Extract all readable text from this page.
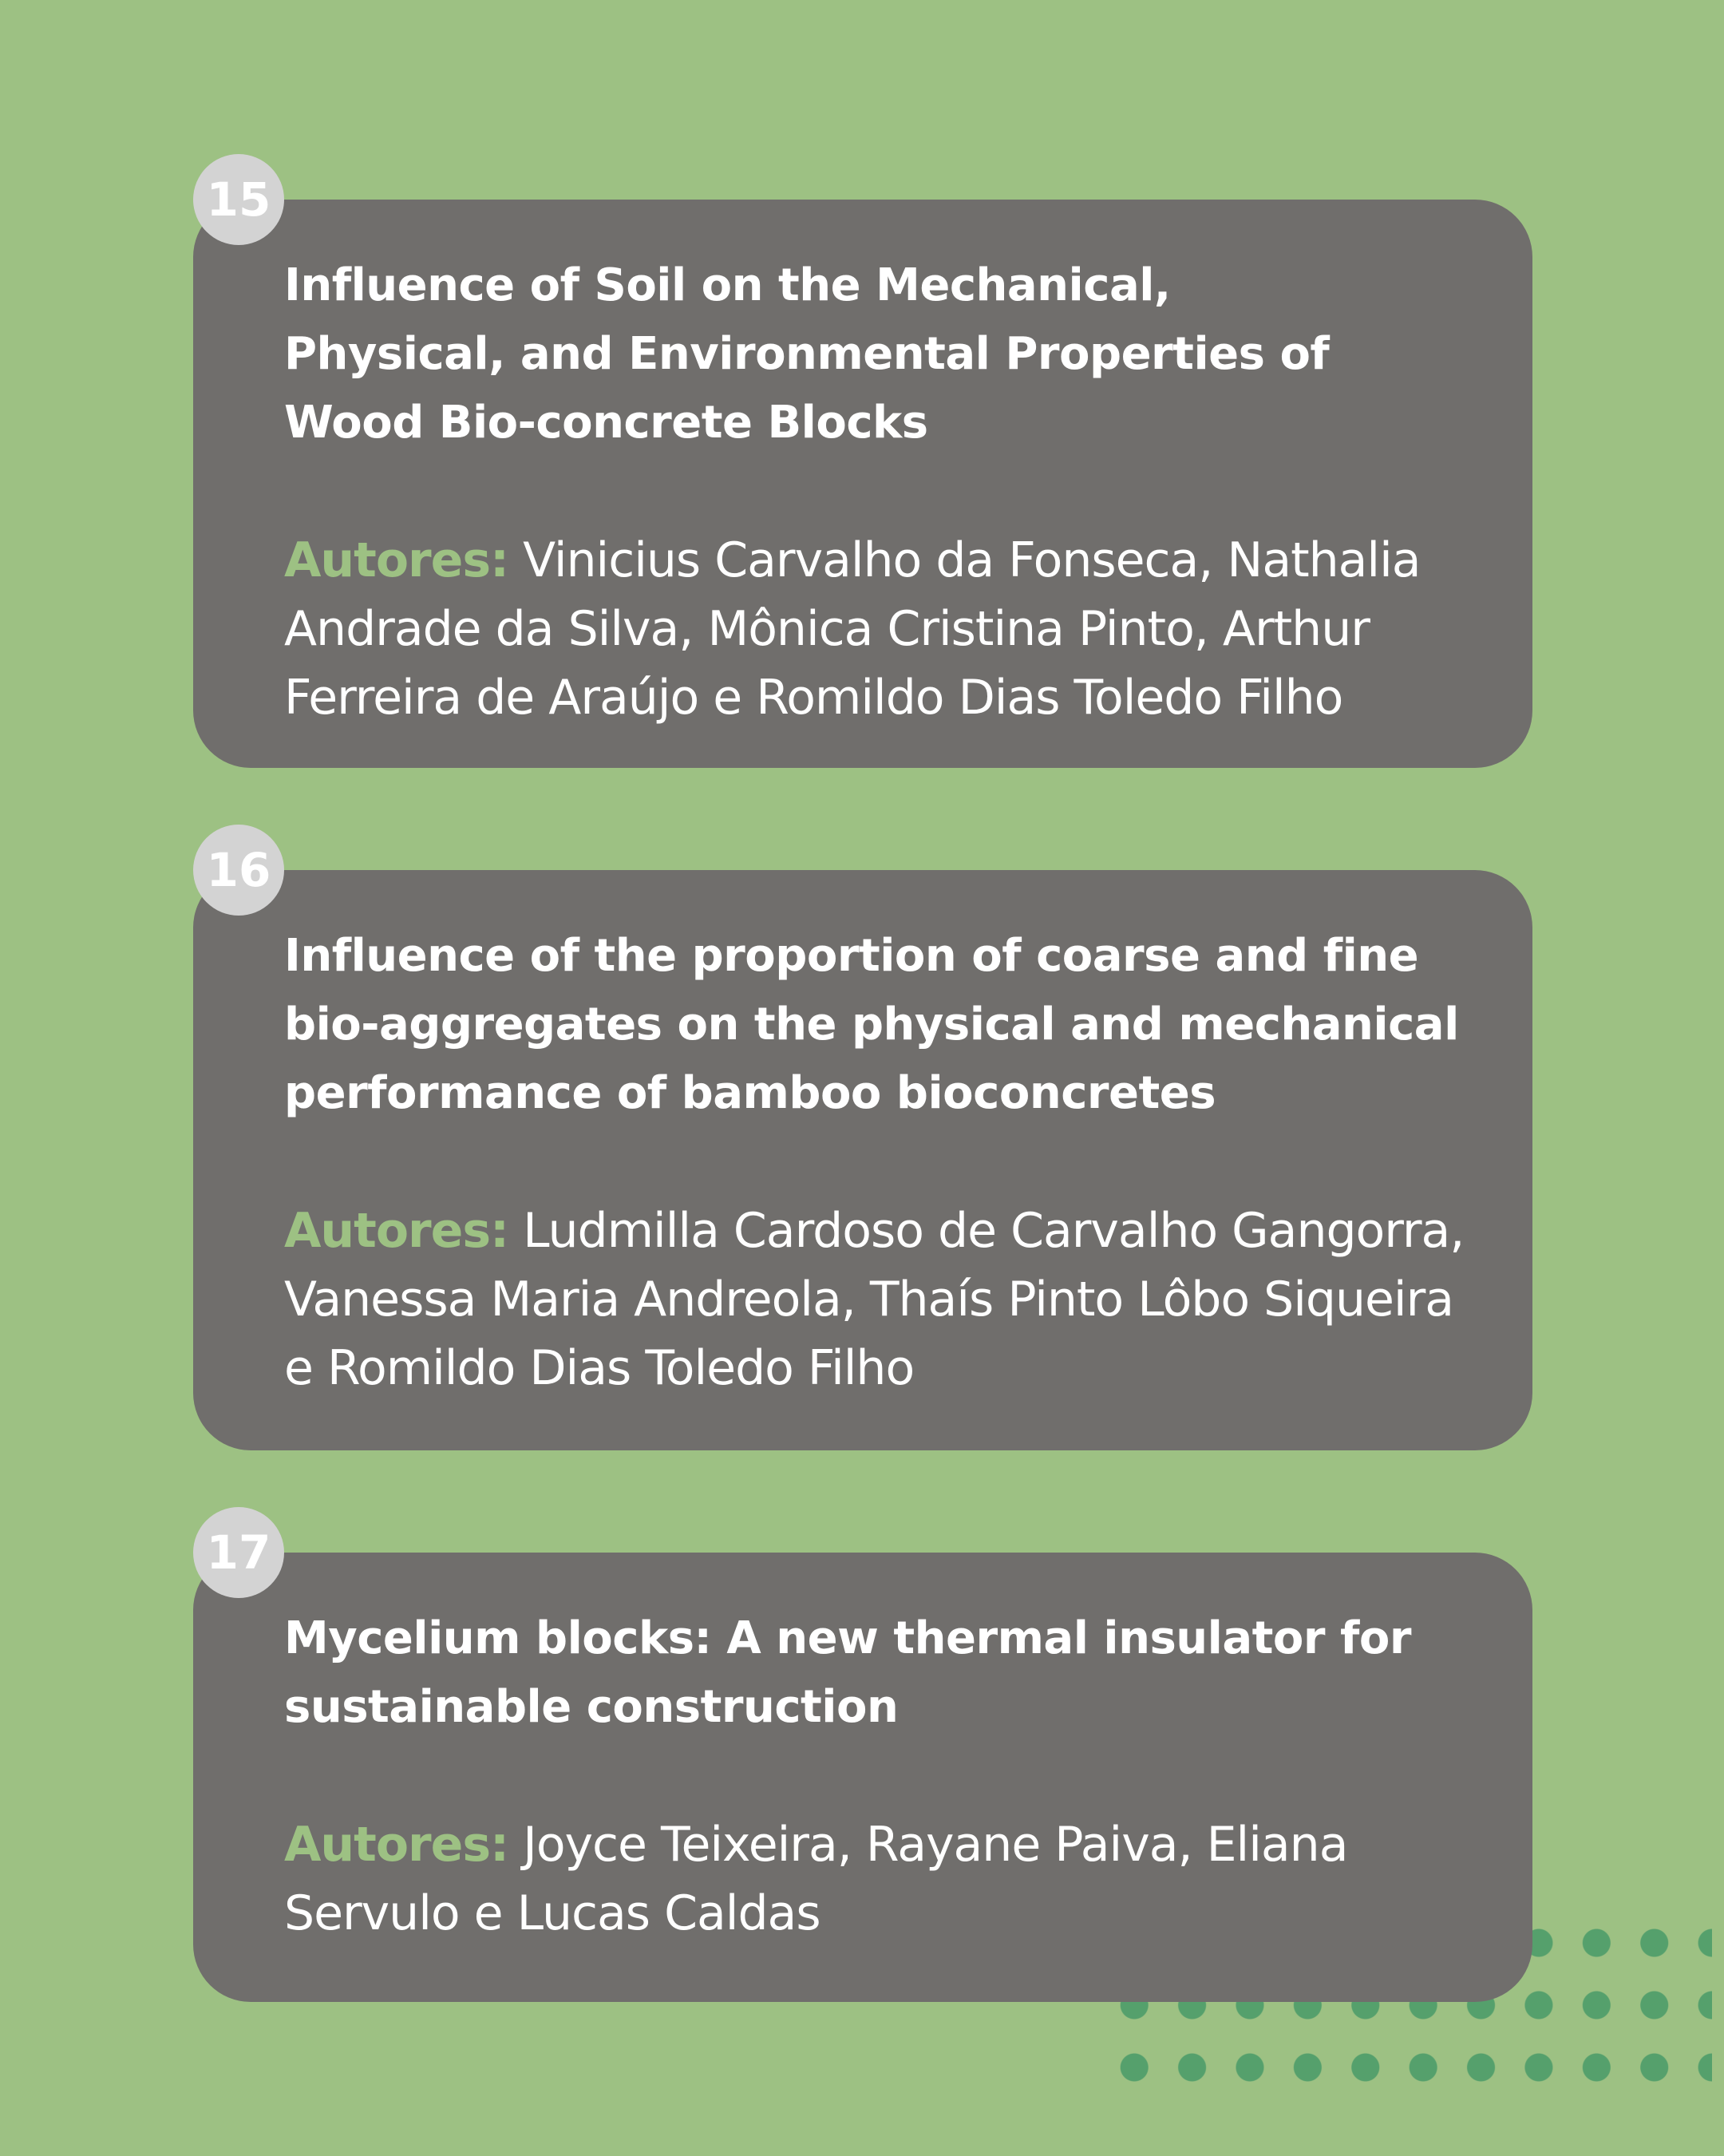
15

Influence of Soil on the Mechanical, Physical, and Environmental Properties of Wood Bio-concrete Blocks

Autores: Vinicius Carvalho da Fonseca, Nathalia Andrade da Silva, Mônica Cristina Pinto, Arthur Ferreira de Araújo e Romildo Dias Toledo Filho

16

Influence of the proportion of coarse and fine bio-aggregates on the physical and mechanical performance of bamboo bioconcretes

Autores: Ludmilla Cardoso de Carvalho Gangorra, Vanessa Maria Andreola, Thaís Pinto Lôbo Siqueira e Romildo Dias Toledo Filho

17

Mycelium blocks: A new thermal insulator for sustainable construction

Autores: Joyce Teixeira, Rayane Paiva, Eliana Servulo e Lucas Caldas
